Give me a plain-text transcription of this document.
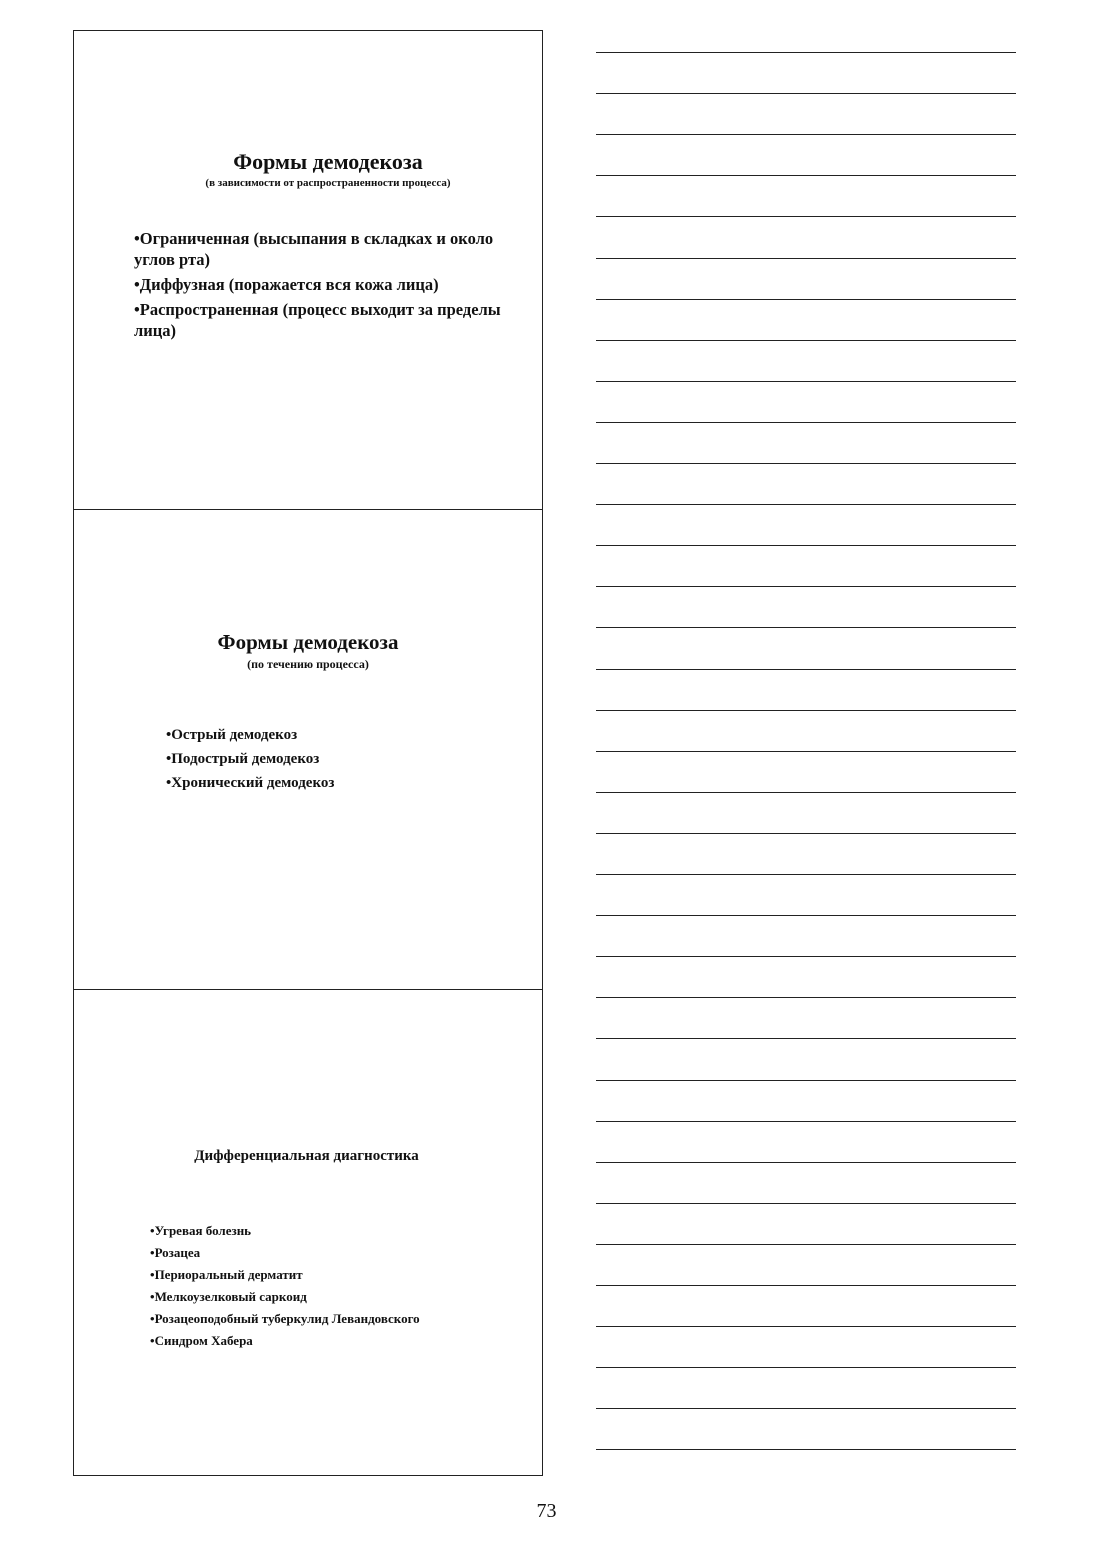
Формы демодекоза
(в зависимости от распространенности процесса)
• Ограниченная (высыпания в складках и около углов рта)
• Диффузная (поражается вся кожа лица)
• Распространенная (процесс выходит за пределы лица)
Формы демодекоза
(по течению процесса)
• Острый демодекоз
• Подострый демодекоз
• Хронический демодекоз
Дифференциальная диагностика
• Угревая болезнь
• Розацеа
• Периоральный дерматит
• Мелкоузелковый саркоид
• Розацеоподобный туберкулид Левандовского
• Синдром Хабера
73
